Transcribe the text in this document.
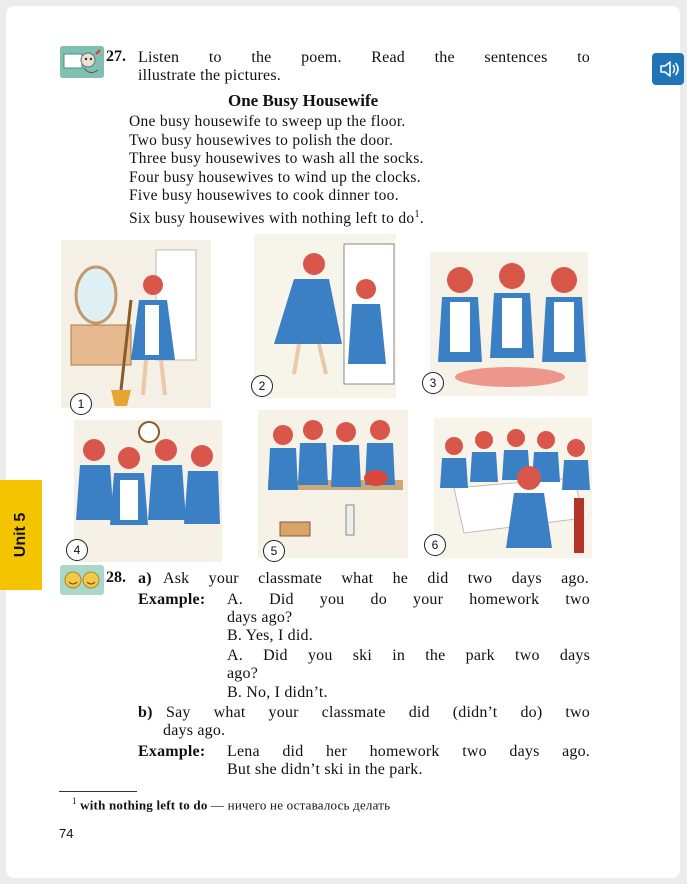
27. Listen to the poem. Read the sentences to
illustrate the pictures.
One Busy Housewife
One busy housewife to sweep up the floor.
Two busy housewives to polish the door.
Three busy housewives to wash all the socks.
Four busy housewives to wind up the clocks.
Five busy housewives to cook dinner too.
Six busy housewives with nothing left to $do^1$.
1
2	3
4	5	6
Unit 5
28. a) Ask your classmate what he did two days ago.
Example: A. Did you do your homework two
days ago?
B. Yes, I did.
A. Did you ski in the park two days
ago?
B. No, I didn’t.
b) Say what your classmate did (didn’t do) two
days ago.
Example: Lena did her homework two days ago.
But she didn’t ski in the park.
$^1$ with nothing left to do — ничего не оставалось делать
74
